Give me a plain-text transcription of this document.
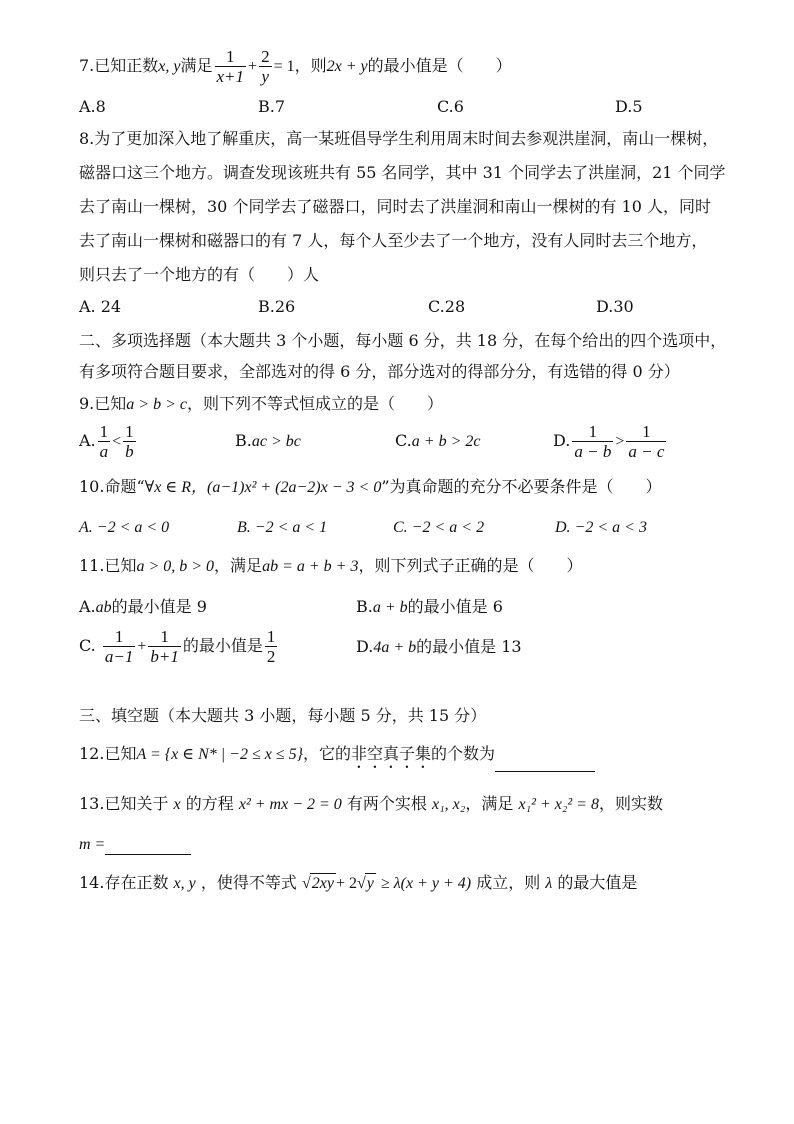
7.已知正数x, y满足 $\frac{1}{x+1} + \frac{2}{y} = 1$，则2x + y的最小值是（　　）
A.8	B.7	C.6	D.5
8.为了更加深入地了解重庆，高一某班倡导学生利用周末时间去参观洪崖洞，南山一棵树，
磁器口这三个地方。调查发现该班共有 55 名同学，其中 31 个同学去了洪崖洞，21 个同学
去了南山一棵树，30 个同学去了磁器口，同时去了洪崖洞和南山一棵树的有 10 人，同时
去了南山一棵树和磁器口的有 7 人，每个人至少去了一个地方，没有人同时去三个地方，
则只去了一个地方的有（　　）人
A. 24	B.26	C.28	D.30
二、多项选择题（本大题共 3 个小题，每小题 6 分，共 18 分，在每个给出的四个选项中，
有多项符合题目要求，全部选对的得 6 分，部分选对的得部分分，有选错的得 0 分）
9.已知a > b > c，则下列不等式恒成立的是（　　）
A. $\frac{1}{a} < \frac{1}{b}$	B.ac > bc	C.a + b > 2c	D. $\frac{1}{a - b} > \frac{1}{a - c}$
10.命题“∀x ∈ R，(a−1)x² + (2a−2)x − 3 < 0”为真命题的充分不必要条件是（　　）
A. −2 < a < 0	B. −2 < a < 1	C. −2 < a < 2	D. −2 < a < 3
11.已知a > 0, b > 0，满足ab = a + b + 3，则下列式子正确的是（　　）
A.ab的最小值是 9	B.a + b的最小值是 6
C. $\frac{1}{a-1} + \frac{1}{b+1}$ 的最小值是 $\frac{1}{2}$	D.4a + b的最小值是 13
三、填空题（本大题共 3 小题，每小题 5 分，共 15 分）
12.已知A = {x ∈ N* | −2 ≤ x ≤ 5}，它的非空真子集的个数为
13.已知关于 x 的方程 x² + mx − 2 = 0 有两个实根 x₁, x₂，满足 x₁² + x₂² = 8，则实数
m =
14.存在正数 x, y ，使得不等式 √2xy + 2√y ≥ λ(x + y + 4) 成立，则 λ 的最大值是
